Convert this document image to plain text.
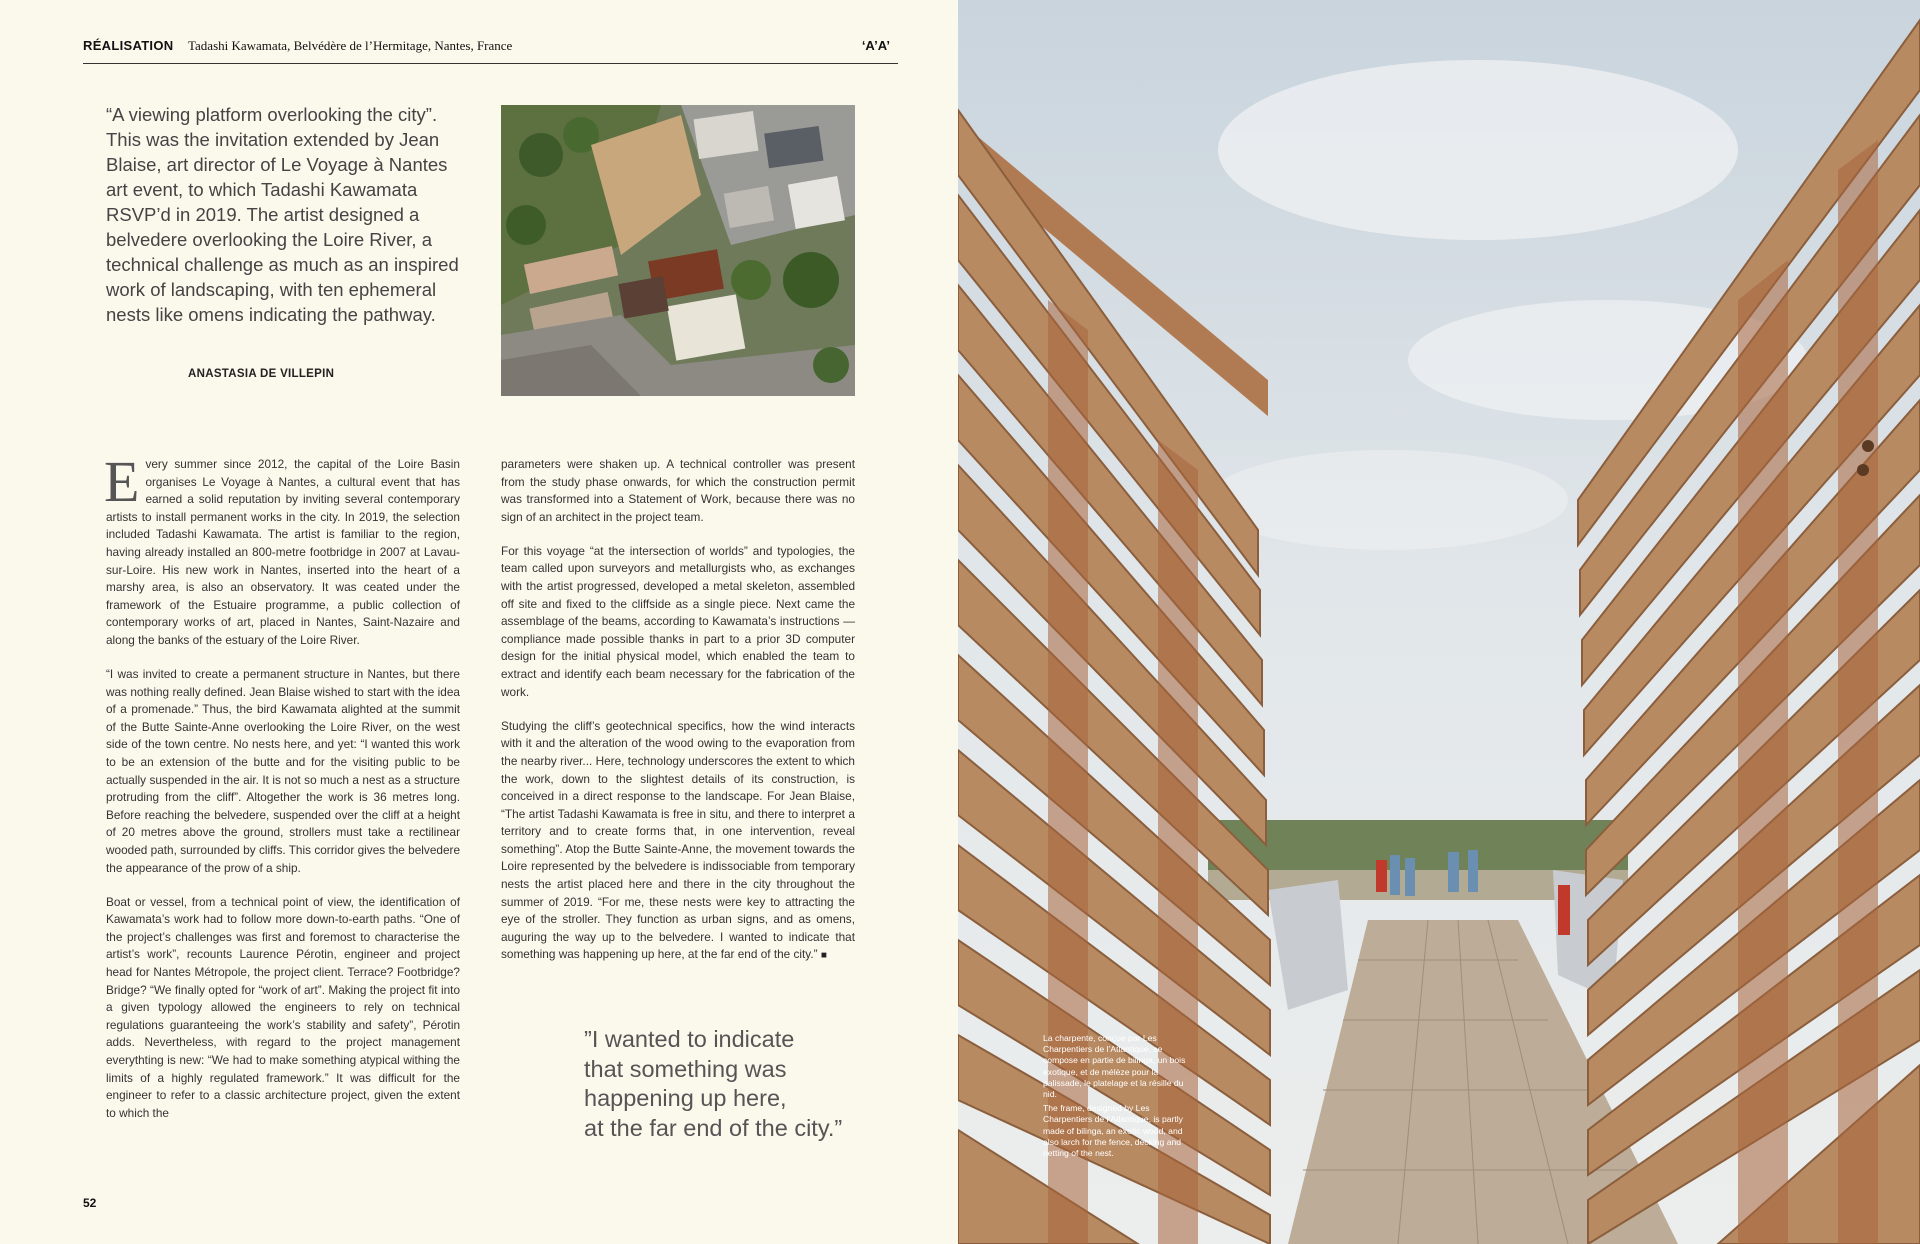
RÉALISATION Tadashi Kawamata, Belvédère de l’Hermitage, Nantes, France	‘A’A’
“A viewing platform overlooking the city”. This was the invitation extended by Jean Blaise, art director of Le Voyage à Nantes art event, to which Tadashi Kawamata RSVP’d in 2019. The artist designed a belvedere overlooking the Loire River, a technical challenge as much as an inspired work of landscaping, with ten ephemeral nests like omens indicating the pathway.
ANASTASIA DE VILLEPIN

Every summer since 2012, the capital of the Loire Basin organises Le Voyage à Nantes, a cultural event that has earned a solid reputation by inviting several contemporary artists to install permanent works in the city. In 2019, the selection included Tadashi Kawamata. The artist is familiar to the region, having already installed an 800-metre footbridge in 2007 at Lavau-sur-Loire. His new work in Nantes, inserted into the heart of a marshy area, is also an observatory. It was ceated under the framework of the Estuaire programme, a public collection of contemporary works of art, placed in Nantes, Saint-Nazaire and along the banks of the estuary of the Loire River.

“I was invited to create a permanent structure in Nantes, but there was nothing really defined. Jean Blaise wished to start with the idea of a promenade.” Thus, the bird Kawamata alighted at the summit of the Butte Sainte-Anne overlooking the Loire River, on the west side of the town centre. No nests here, and yet: “I wanted this work to be an extension of the butte and for the visiting public to be actually suspended in the air. It is not so much a nest as a structure protruding from the cliff”. Altogether the work is 36 metres long. Before reaching the belvedere, suspended over the cliff at a height of 20 metres above the ground, strollers must take a rectilinear wooded path, surrounded by cliffs. This corridor gives the belvedere the appearance of the prow of a ship.

Boat or vessel, from a technical point of view, the identification of Kawamata’s work had to follow more down-to-earth paths. “One of the project’s challenges was first and foremost to characterise the artist’s work”, recounts Laurence Pérotin, engineer and project head for Nantes Métropole, the project client. Terrace? Footbridge? Bridge? “We finally opted for “work of art”. Making the project fit into a given typology allowed the engineers to rely on technical regulations guaranteeing the work’s stability and safety”, Pérotin adds. Nevertheless, with regard to the project management everythting is new: “We had to make something atypical withing the limits of a highly regulated framework.” It was difficult for the engineer to refer to a classic architecture project, given the extent to which the

parameters were shaken up. A technical controller was present from the study phase onwards, for which the construction permit was transformed into a Statement of Work, because there was no sign of an architect in the project team.

For this voyage “at the intersection of worlds” and typologies, the team called upon surveyors and metallurgists who, as exchanges with the artist progressed, developed a metal skeleton, assembled off site and fixed to the cliffside as a single piece. Next came the assemblage of the beams, according to Kawamata’s instructions — compliance made possible thanks in part to a prior 3D computer design for the initial physical model, which enabled the team to extract and identify each beam necessary for the fabrication of the work.

Studying the cliff’s geotechnical specifics, how the wind interacts with it and the alteration of the wood owing to the evaporation from the nearby river... Here, technology underscores the extent to which the work, down to the slightest details of its construction, is conceived in a direct response to the landscape. For Jean Blaise, “The artist Tadashi Kawamata is free in situ, and there to interpret a territory and to create forms that, in one intervention, reveal something”. Atop the Butte Sainte-Anne, the movement towards the Loire represented by the belvedere is indissociable from temporary nests the artist placed here and there in the city throughout the summer of 2019. “For me, these nests were key to attracting the eye of the stroller. They function as urban signs, and as omens, auguring the way up to the belvedere. I wanted to indicate that something was happening up here, at the far end of the city.” ■

”I wanted to indicate
that something was
happening up here,
at the far end of the city.”
52

La charpente, conçue par Les Charpentiers de l’Atlantique, se compose en partie de bilinga, un bois exotique, et de mélèze pour la palissade, le platelage et la résille du nid.

The frame, designed by Les Charpentiers de l’Atlantique, is partly made of bilinga, an exotic wood, and also larch for the fence, decking and netting of the nest.
